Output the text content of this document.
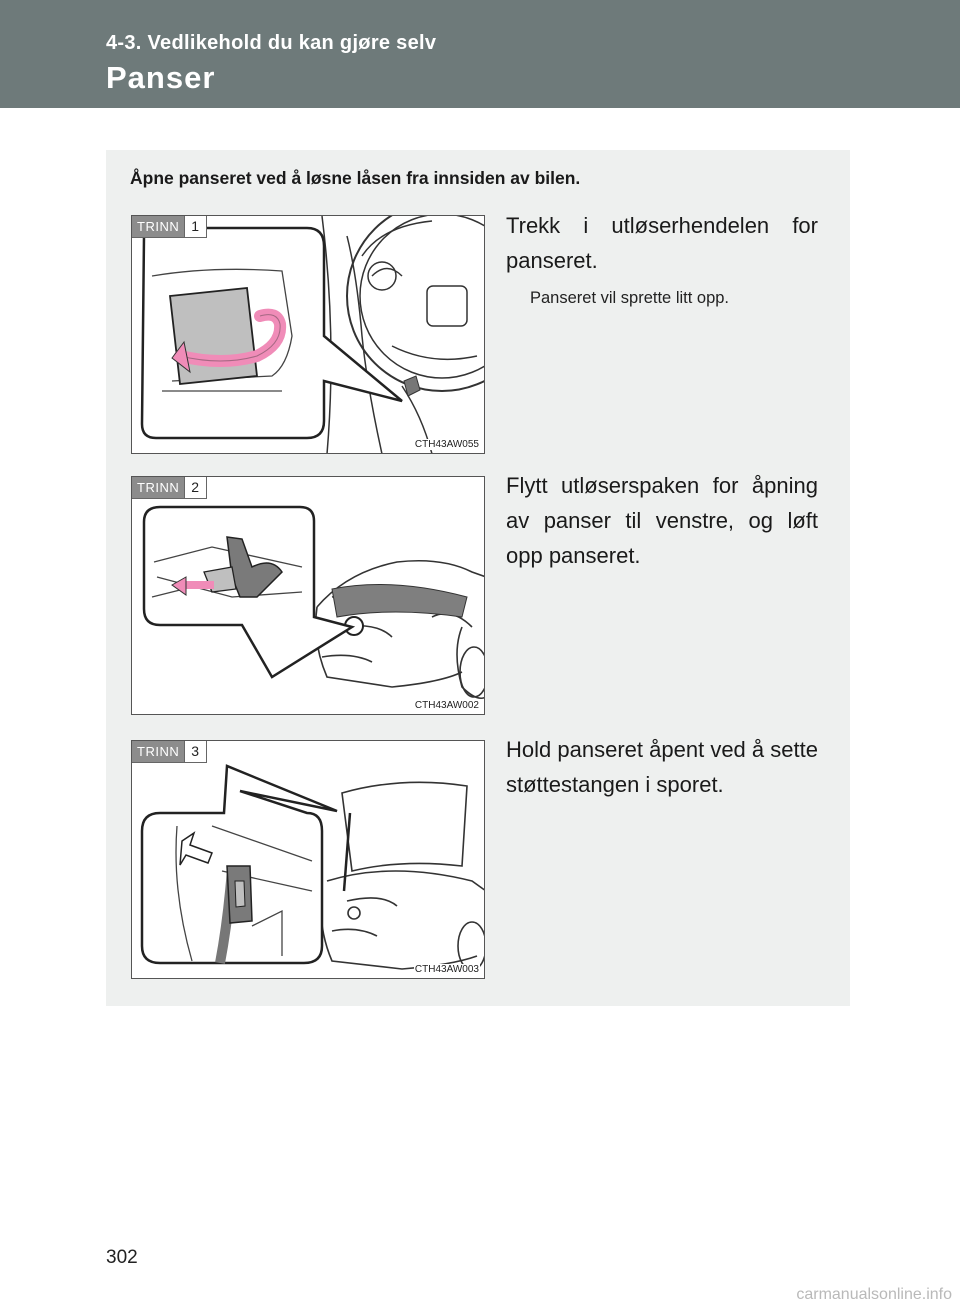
4-3. Vedlikehold du kan gjøre selv
Panser
Åpne panseret ved å løsne låsen fra innsiden av bilen.
TRINN 1
CTH43AW055
Trekk i utløserhendelen for panseret.
Panseret vil sprette litt opp.
TRINN 2
CTH43AW002
Flytt utløserspaken for åpning av panser til venstre, og løft opp panseret.
TRINN 3
CTH43AW003
Hold panseret åpent ved å sette støttestangen i sporet.
302
carmanualsonline.info
